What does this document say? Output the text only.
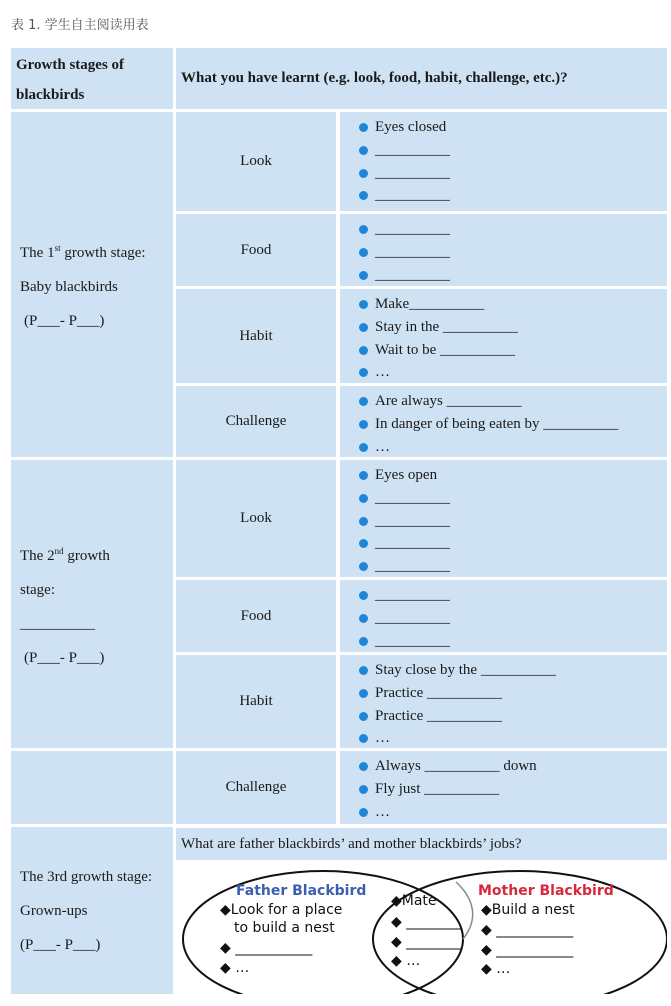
表 1. 学生自主阅读用表
Growth stages of
blackbirds
What you have learnt (e.g. look, food, habit, challenge, etc.)?
The 1st growth stage:
Baby blackbirds
(P___- P___)
Look
Eyes closed
__________
__________
__________
Food
__________
__________
__________
Habit
Make__________
Stay in the __________
Wait to be __________
…
Challenge
Are always __________
In danger of being eaten by __________
…
The 2nd growth
stage:
__________
(P___- P___)
Look
Eyes open
__________
__________
__________
__________
Food
__________
__________
__________
Habit
Stay close by the __________
Practice __________
Practice __________
…
Challenge
Always __________ down
Fly just __________
…
The 3rd growth stage:
Grown-ups
(P___- P___)
What are father blackbirds’ and mother blackbirds’ jobs?
Father Blackbird	Mother Blackbird
◆Look for a place
to build a nest
◆ ___________
◆ …
◆Mate
◆ ________
◆ ________
◆ …
◆Build a nest
◆ ___________
◆ ___________
◆ …
